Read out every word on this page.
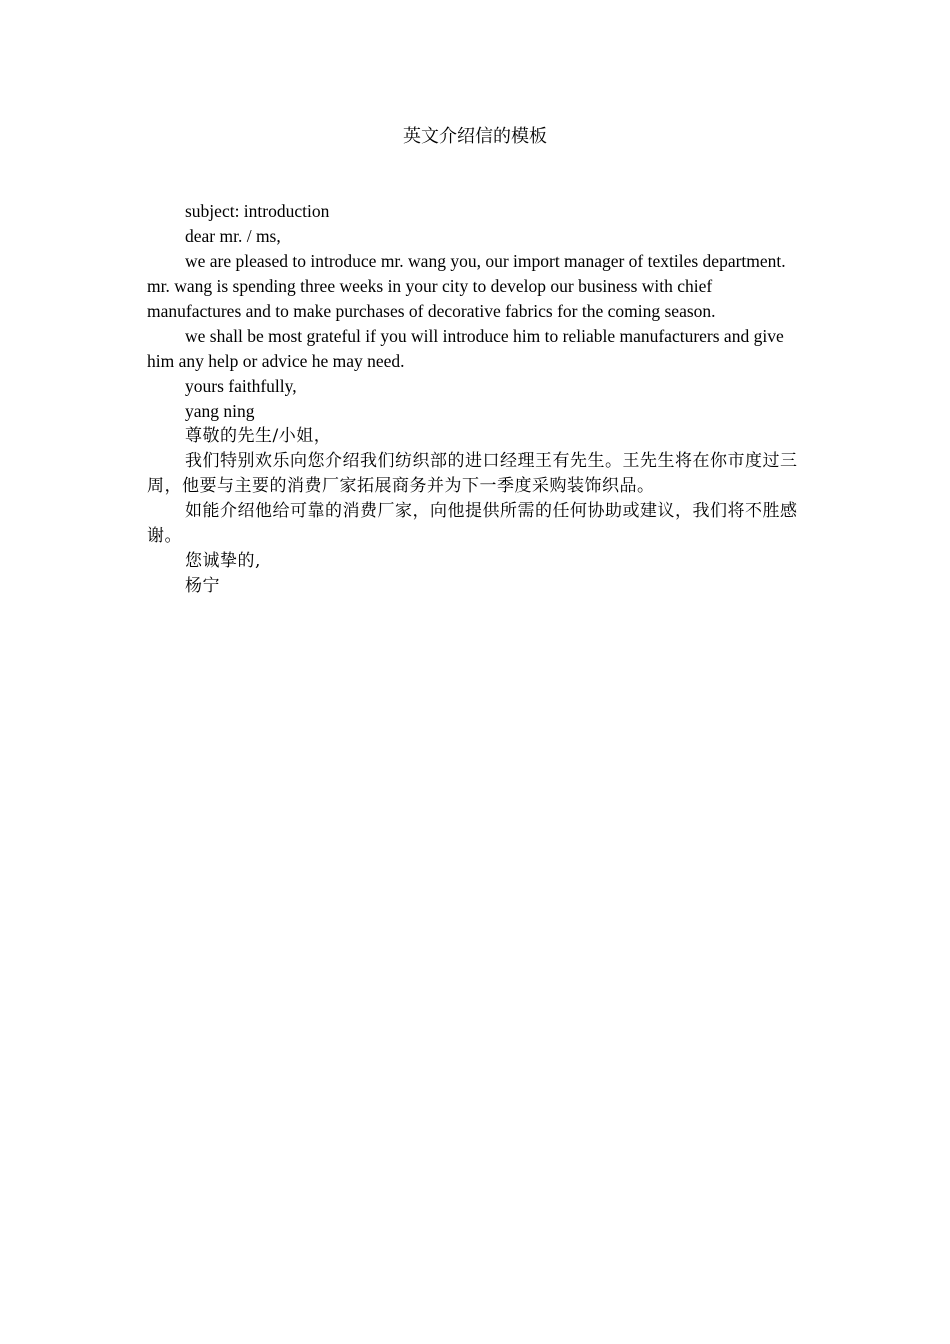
英文介绍信的模板

subject: introduction

dear mr. / ms,

we are pleased to introduce mr. wang you, our import manager of textiles department. mr. wang is spending three weeks in your city to develop our business with chief manufactures and to make purchases of decorative fabrics for the coming season.

we shall be most grateful if you will introduce him to reliable manufacturers and give him any help or advice he may need.

yours faithfully,

yang ning

尊敬的先生/小姐，

我们特别欢乐向您介绍我们纺织部的进口经理王有先生。王先生将在你市度过三周，他要与主要的消费厂家拓展商务并为下一季度采购装饰织品。

如能介绍他给可靠的消费厂家，向他提供所需的任何协助或建议，我们将不胜感谢。

您诚挚的,

杨宁
